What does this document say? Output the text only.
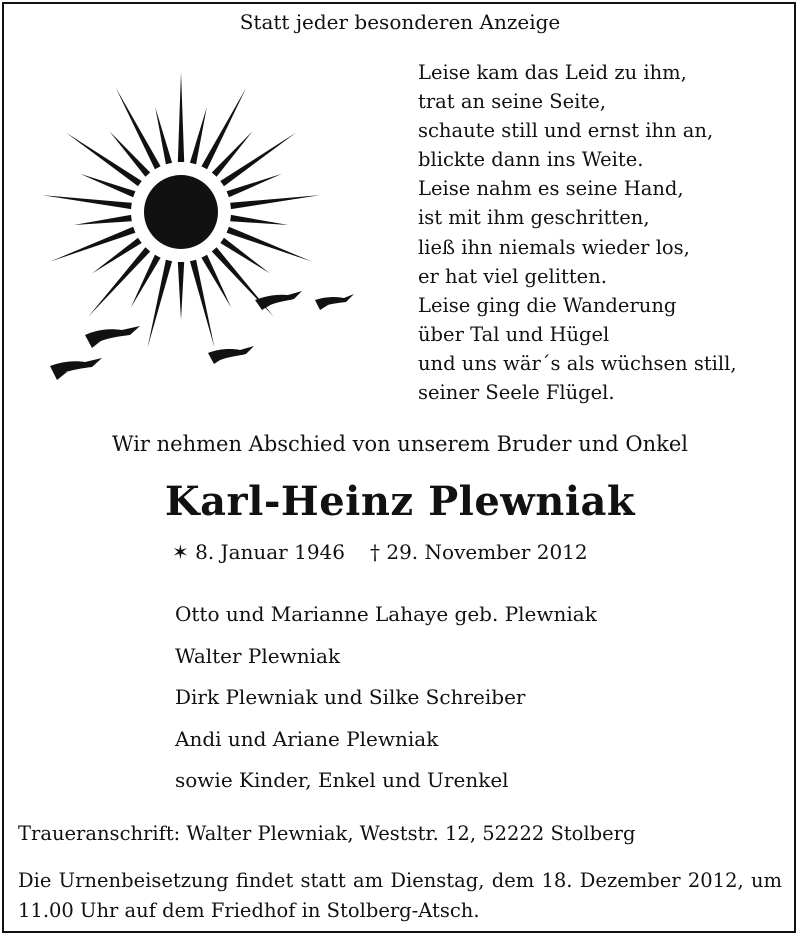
Statt jeder besonderen Anzeige
Leise kam das Leid zu ihm,
trat an seine Seite,
schaute still und ernst ihn an,
blickte dann ins Weite.
Leise nahm es seine Hand,
ist mit ihm geschritten,
ließ ihn niemals wieder los,
er hat viel gelitten.
Leise ging die Wanderung
über Tal und Hügel
und uns wär´s als wüchsen still,
seiner Seele Flügel.
Wir nehmen Abschied von unserem Bruder und Onkel
Karl-Heinz Plewniak
✶ 8. Januar 1946 † 29. November 2012
Otto und Marianne Lahaye geb. Plewniak
Walter Plewniak
Dirk Plewniak und Silke Schreiber
Andi und Ariane Plewniak
sowie Kinder, Enkel und Urenkel
Traueranschrift: Walter Plewniak, Weststr. 12, 52222 Stolberg
Die Urnenbeisetzung findet statt am Dienstag, dem 18. Dezember 2012, um 11.00 Uhr auf dem Friedhof in Stolberg-Atsch.
